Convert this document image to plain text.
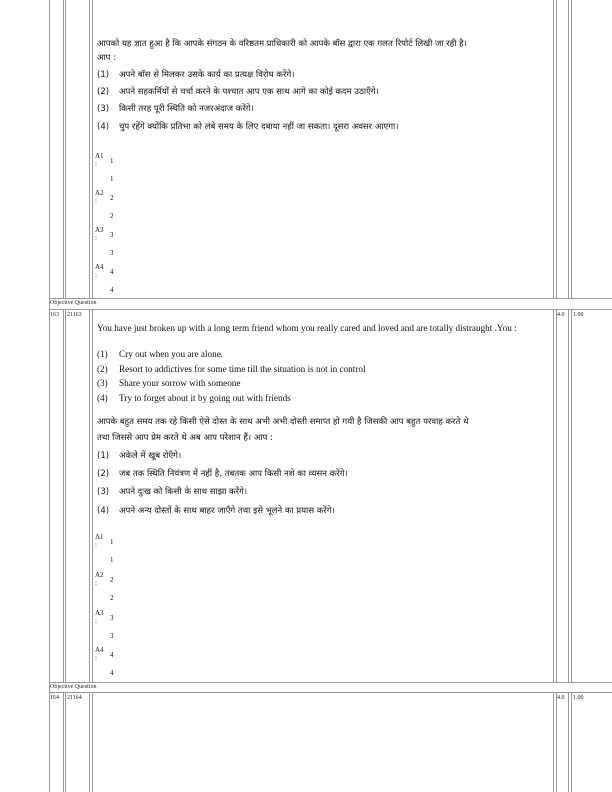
आपको यह ज्ञात हुआ है कि आपके संगठन के वरिष्ठतम प्राधिकारी को आपके बॉस द्वारा एक गलत रिपोर्ट लिखी जा रही है।
आप :
(1) अपने बॉस से मिलकर उसके कार्य का प्रत्यक्ष विरोध करेंगे।
(2) अपने सहकर्मियों से चर्चा करने के पश्चात आप एक साथ आगे का कोई कदम उठाएँगे।
(3) किसी तरह पूरी स्थिति को नजरअंदाज करेंगे।
(4) चुप रहेंगे क्योंकि प्रतिभा को लंबे समय के लिए दबाया नहीं जा सकता। दूसरा अवसर आएगा।
A1
: 1
1
A2
: 2
2
A3
: 3
3
A4
: 4
4
Objective Question
163 21163	4.0 1.00
You have just broken up with a long term friend whom you really cared and loved and are totally distraught .You :
(1) Cry out when you are alone.
(2) Resort to addictives for some time till the situation is not in control
(3) Share your sorrow with someone
(4) Try to forget about it by going out with friends
आपके बहुत समय तक रहे किसी ऐसे दोस्त के साथ अभी अभी दोस्ती समाप्त हो गयी है जिसकी आप बहुत परवाह करते थे
तथा जिससे आप प्रेम करते थे अब आप परेशान हैं। आप :
(1) अकेले में खूब रोएँगे।
(2) जब तक स्थिति नियंत्रण में नहीं है, तबतक आप किसी नशे का व्यसन करेंगे।
(3) अपने दुःख को किसी के साथ साझा करेंगे।
(4) अपने अन्य दोस्तों के साथ बाहर जाएँगे तथा इसे भूलने का प्रयास करेंगे।
A1
: 1
1
A2
: 2
2
A3
: 3
3
A4
: 4
4
Objective Question
164 21164	4.0 1.00
